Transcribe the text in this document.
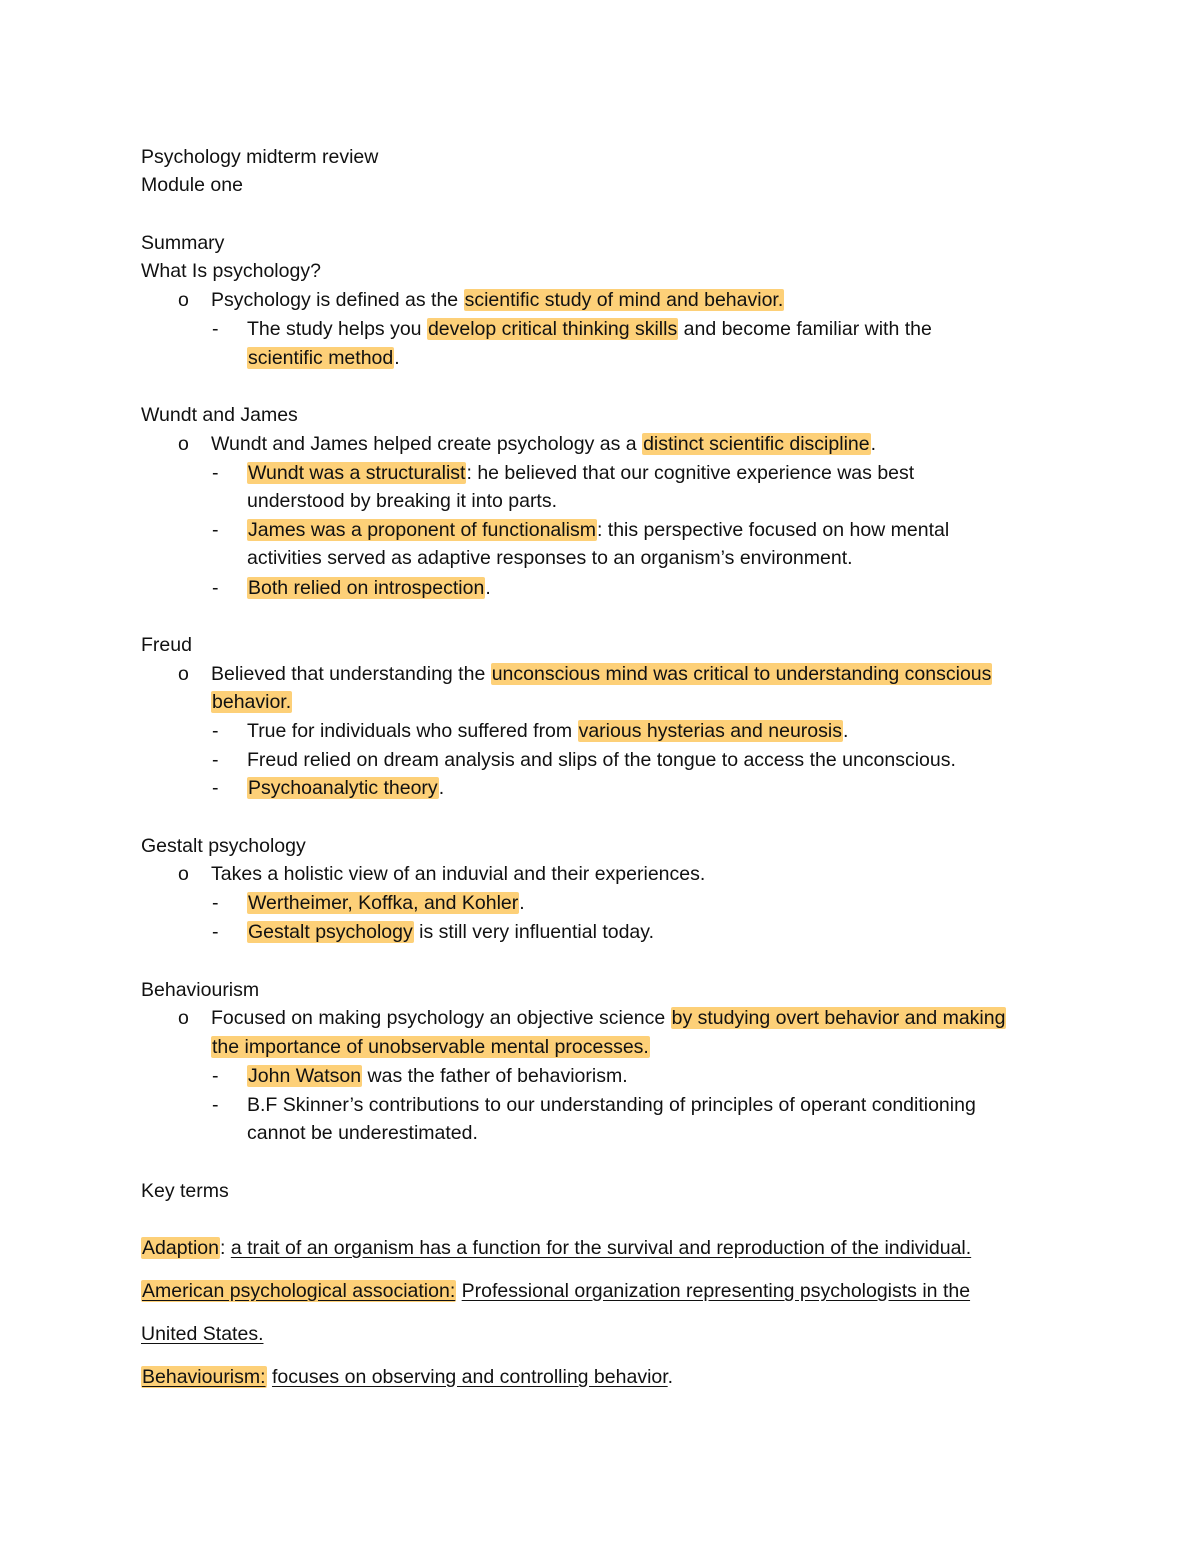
Psychology midterm review
Module one
Summary
What Is psychology?
o Psychology is defined as the scientific study of mind and behavior.
- The study helps you develop critical thinking skills and become familiar with the
scientific method.
Wundt and James
o Wundt and James helped create psychology as a distinct scientific discipline.
- Wundt was a structuralist: he believed that our cognitive experience was best
understood by breaking it into parts.
- James was a proponent of functionalism: this perspective focused on how mental
activities served as adaptive responses to an organism’s environment.
- Both relied on introspection.
Freud
o Believed that understanding the unconscious mind was critical to understanding conscious
behavior.
- True for individuals who suffered from various hysterias and neurosis.
- Freud relied on dream analysis and slips of the tongue to access the unconscious.
- Psychoanalytic theory.
Gestalt psychology
o Takes a holistic view of an induvial and their experiences.
- Wertheimer, Koffka, and Kohler.
- Gestalt psychology is still very influential today.
Behaviourism
o Focused on making psychology an objective science by studying overt behavior and making
the importance of unobservable mental processes.
- John Watson was the father of behaviorism.
- B.F Skinner’s contributions to our understanding of principles of operant conditioning
cannot be underestimated.
Key terms
Adaption: a trait of an organism has a function for the survival and reproduction of the individual.
American psychological association: Professional organization representing psychologists in the
United States.
Behaviourism: focuses on observing and controlling behavior.
